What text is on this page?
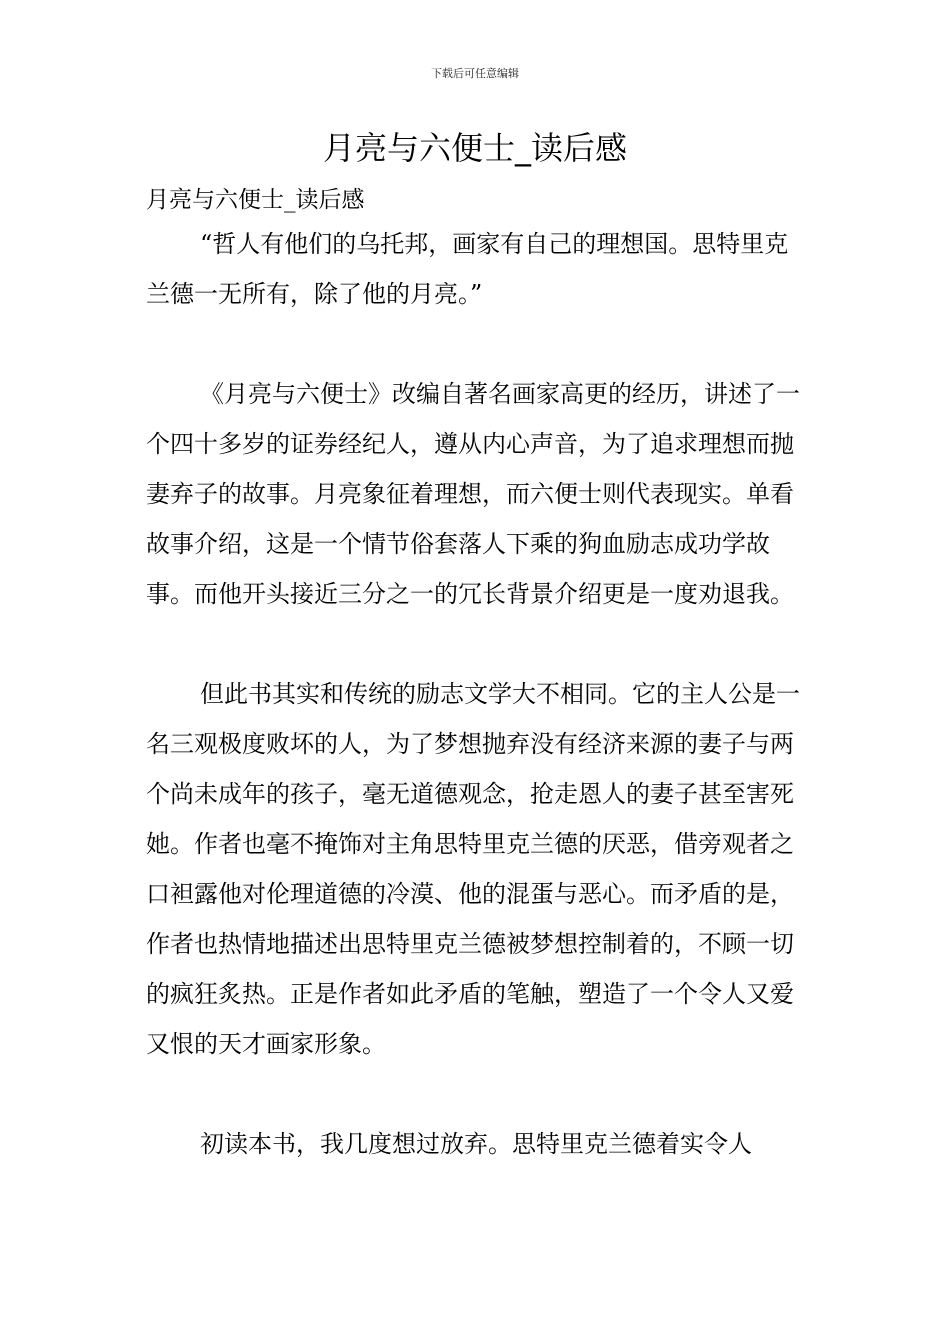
下载后可任意编辑
月亮与六便士_读后感

月亮与六便士_读后感

“哲人有他们的乌托邦，画家有自己的理想国。思特里克兰德一无所有，除了他的月亮。”

《月亮与六便士》改编自著名画家高更的经历，讲述了一个四十多岁的证券经纪人，遵从内心声音，为了追求理想而抛妻弃子的故事。月亮象征着理想，而六便士则代表现实。单看故事介绍，这是一个情节俗套落人下乘的狗血励志成功学故事。而他开头接近三分之一的冗长背景介绍更是一度劝退我。

但此书其实和传统的励志文学大不相同。它的主人公是一名三观极度败坏的人，为了梦想抛弃没有经济来源的妻子与两个尚未成年的孩子，毫无道德观念，抢走恩人的妻子甚至害死她。作者也毫不掩饰对主角思特里克兰德的厌恶，借旁观者之口袒露他对伦理道德的冷漠、他的混蛋与恶心。而矛盾的是，作者也热情地描述出思特里克兰德被梦想控制着的，不顾一切的疯狂炙热。正是作者如此矛盾的笔触，塑造了一个令人又爱又恨的天才画家形象。

初读本书，我几度想过放弃。思特里克兰德着实令人
